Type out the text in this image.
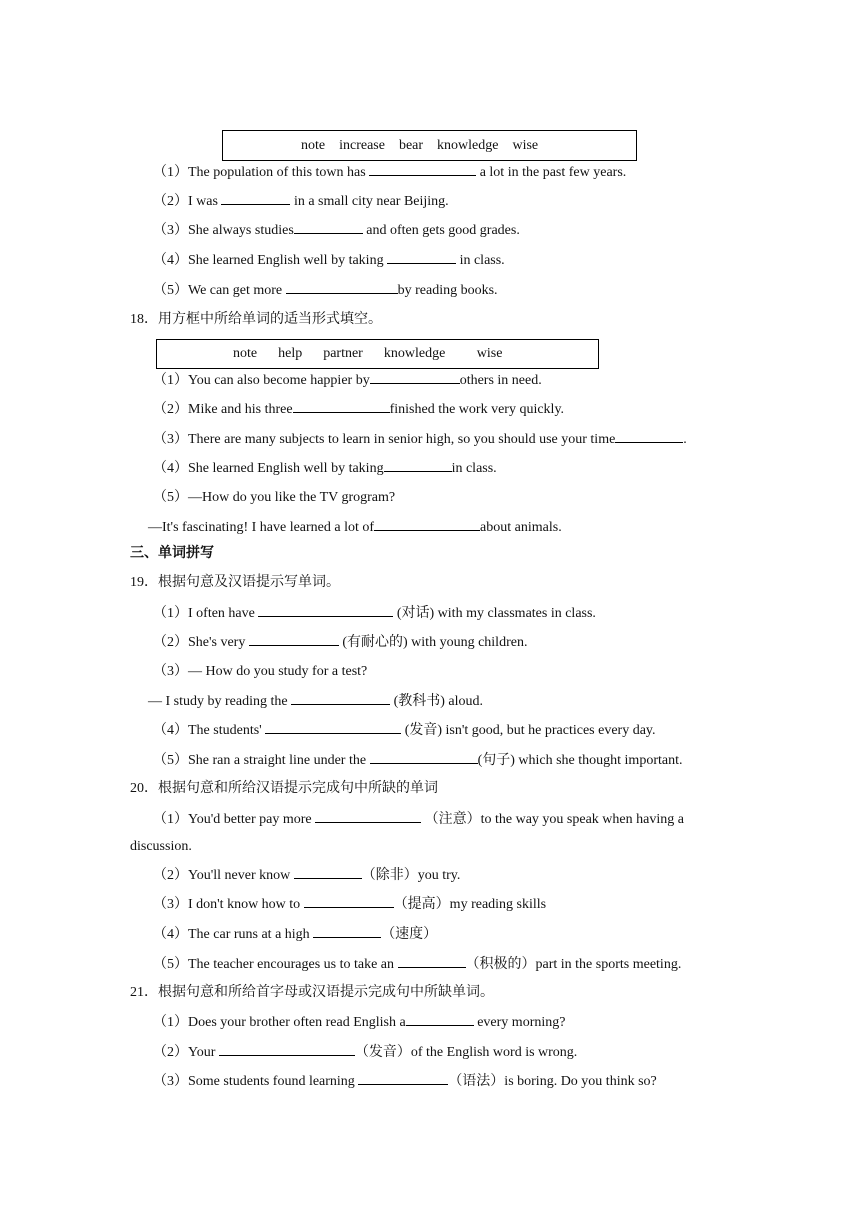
note    increase    bear    knowledge    wise
（1）The population of this town has	a lot in the past few years.
（2）I was	in a small city near Beijing.
（3）She always studies	and often gets good grades.
（4）She learned English well by taking	in class.
（5）We can get more	by reading books.
18．用方框中所给单词的适当形式填空。
note      help      partner      knowledge         wise
（1）You can also become happier by	others in need.
（2）Mike and his three	finished the work very quickly.
（3）There are many subjects to learn in senior high, so you should use your time	.
（4）She learned English well by taking	in class.
（5）—How do you like the TV grogram?
—It's fascinating! I have learned a lot of	about animals.
三、单词拼写
19．根据句意及汉语提示写单词。
（1）I often have	(对话) with my classmates in class.
（2）She's very	(有耐心的) with young children.
（3）— How do you study for a test?
— I study by reading the	(教科书) aloud.
（4）The students'	(发音) isn't good, but he practices every day.
（5）She ran a straight line under the	(句子) which she thought important.
20．根据句意和所给汉语提示完成句中所缺的单词
（1）You'd better pay more	（注意）to the way you speak when having a
discussion.
（2）You'll never know	（除非）you try.
（3）I don't know how to	（提高）my reading skills
（4）The car runs at a high	（速度）
（5）The teacher encourages us to take an	（积极的）part in the sports meeting.
21．根据句意和所给首字母或汉语提示完成句中所缺单词。
（1）Does your brother often read English a	every morning?
（2）Your	（发音）of the English word is wrong.
（3）Some students found learning	（语法）is boring. Do you think so?
